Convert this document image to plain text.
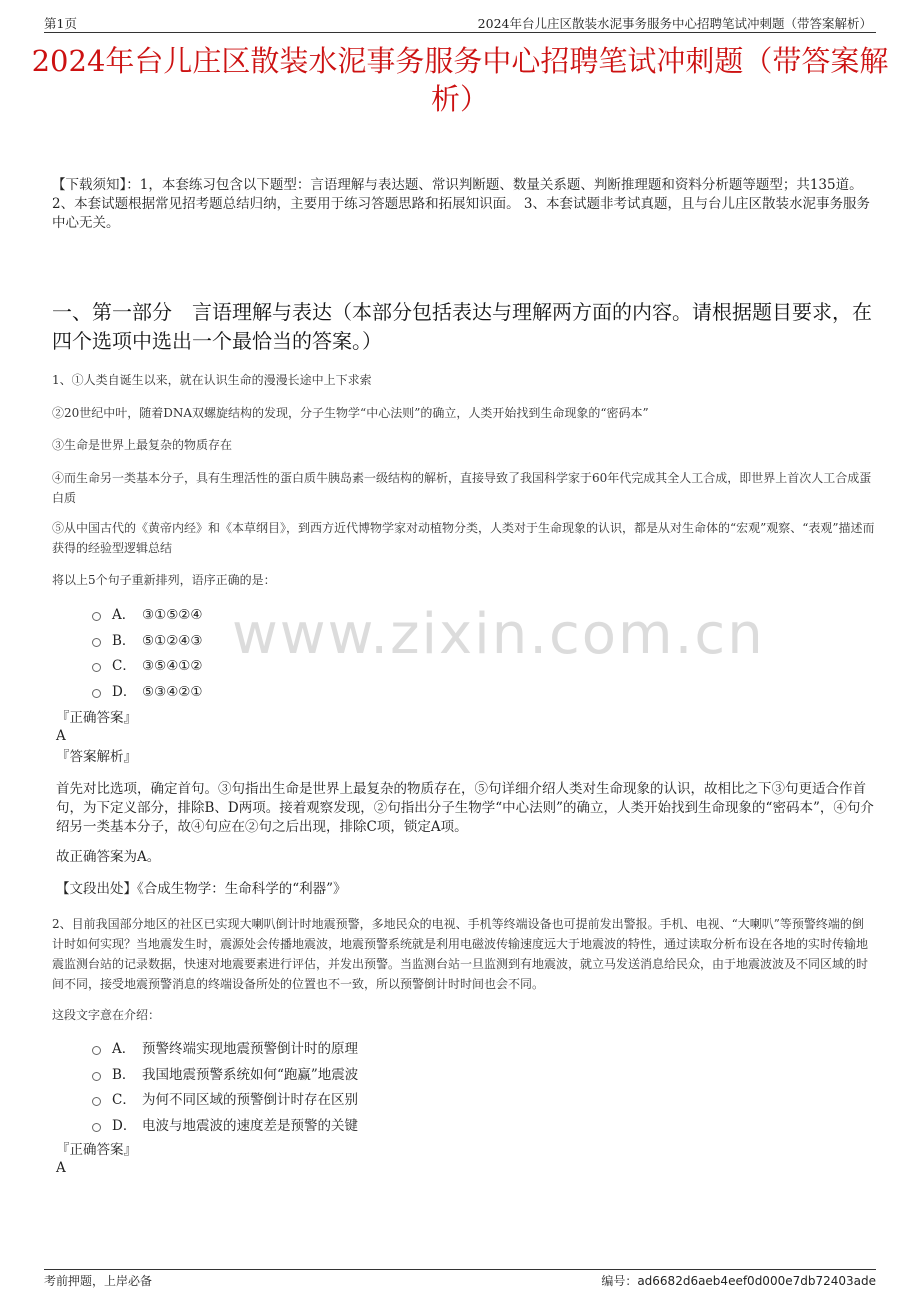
第1页	2024年台儿庄区散装水泥事务服务中心招聘笔试冲刺题（带答案解析）
2024年台儿庄区散装水泥事务服务中心招聘笔试冲刺题（带答案解析）
【下载须知】：1，本套练习包含以下题型：言语理解与表达题、常识判断题、数量关系题、判断推理题和资料分析题等题型；共135道。 2、本套试题根据常见招考题总结归纳，主要用于练习答题思路和拓展知识面。 3、本套试题非考试真题，且与台儿庄区散装水泥事务服务中心无关。
一、第一部分 言语理解与表达（本部分包括表达与理解两方面的内容。请根据题目要求，在四个选项中选出一个最恰当的答案。）
1、①人类自诞生以来，就在认识生命的漫漫长途中上下求索
②20世纪中叶，随着DNA双螺旋结构的发现，分子生物学“中心法则”的确立，人类开始找到生命现象的“密码本”
③生命是世界上最复杂的物质存在
④而生命另一类基本分子，具有生理活性的蛋白质牛胰岛素一级结构的解析，直接导致了我国科学家于60年代完成其全人工合成，即世界上首次人工合成蛋白质
⑤从中国古代的《黄帝内经》和《本草纲目》，到西方近代博物学家对动植物分类，人类对于生命现象的认识，都是从对生命体的“宏观”观察、“表观”描述而获得的经验型逻辑总结
将以上5个句子重新排列，语序正确的是：
www.zixin.com.cn
A． ③①⑤②④
B． ⑤①②④③
C． ③⑤④①②
D． ⑤③④②①
『正确答案』
A
『答案解析』
首先对比选项，确定首句。③句指出生命是世界上最复杂的物质存在，⑤句详细介绍人类对生命现象的认识，故相比之下③句更适合作首句，为下定义部分，排除B、D两项。接着观察发现，②句指出分子生物学“中心法则”的确立，人类开始找到生命现象的“密码本”，④句介绍另一类基本分子，故④句应在②句之后出现，排除C项，锁定A项。
故正确答案为A。
【文段出处】《合成生物学：生命科学的“利器”》
2、目前我国部分地区的社区已实现大喇叭倒计时地震预警，多地民众的电视、手机等终端设备也可提前发出警报。手机、电视、“大喇叭”等预警终端的倒计时如何实现？当地震发生时，震源处会传播地震波，地震预警系统就是利用电磁波传输速度远大于地震波的特性，通过读取分析布设在各地的实时传输地震监测台站的记录数据，快速对地震要素进行评估，并发出预警。当监测台站一旦监测到有地震波，就立马发送消息给民众，由于地震波波及不同区域的时间不同，接受地震预警消息的终端设备所处的位置也不一致，所以预警倒计时时间也会不同。
这段文字意在介绍：
A． 预警终端实现地震预警倒计时的原理
B． 我国地震预警系统如何“跑赢”地震波
C． 为何不同区域的预警倒计时存在区别
D． 电波与地震波的速度差是预警的关键
『正确答案』
A
考前押题，上岸必备	编号：ad6682d6aeb4eef0d000e7db72403ade
